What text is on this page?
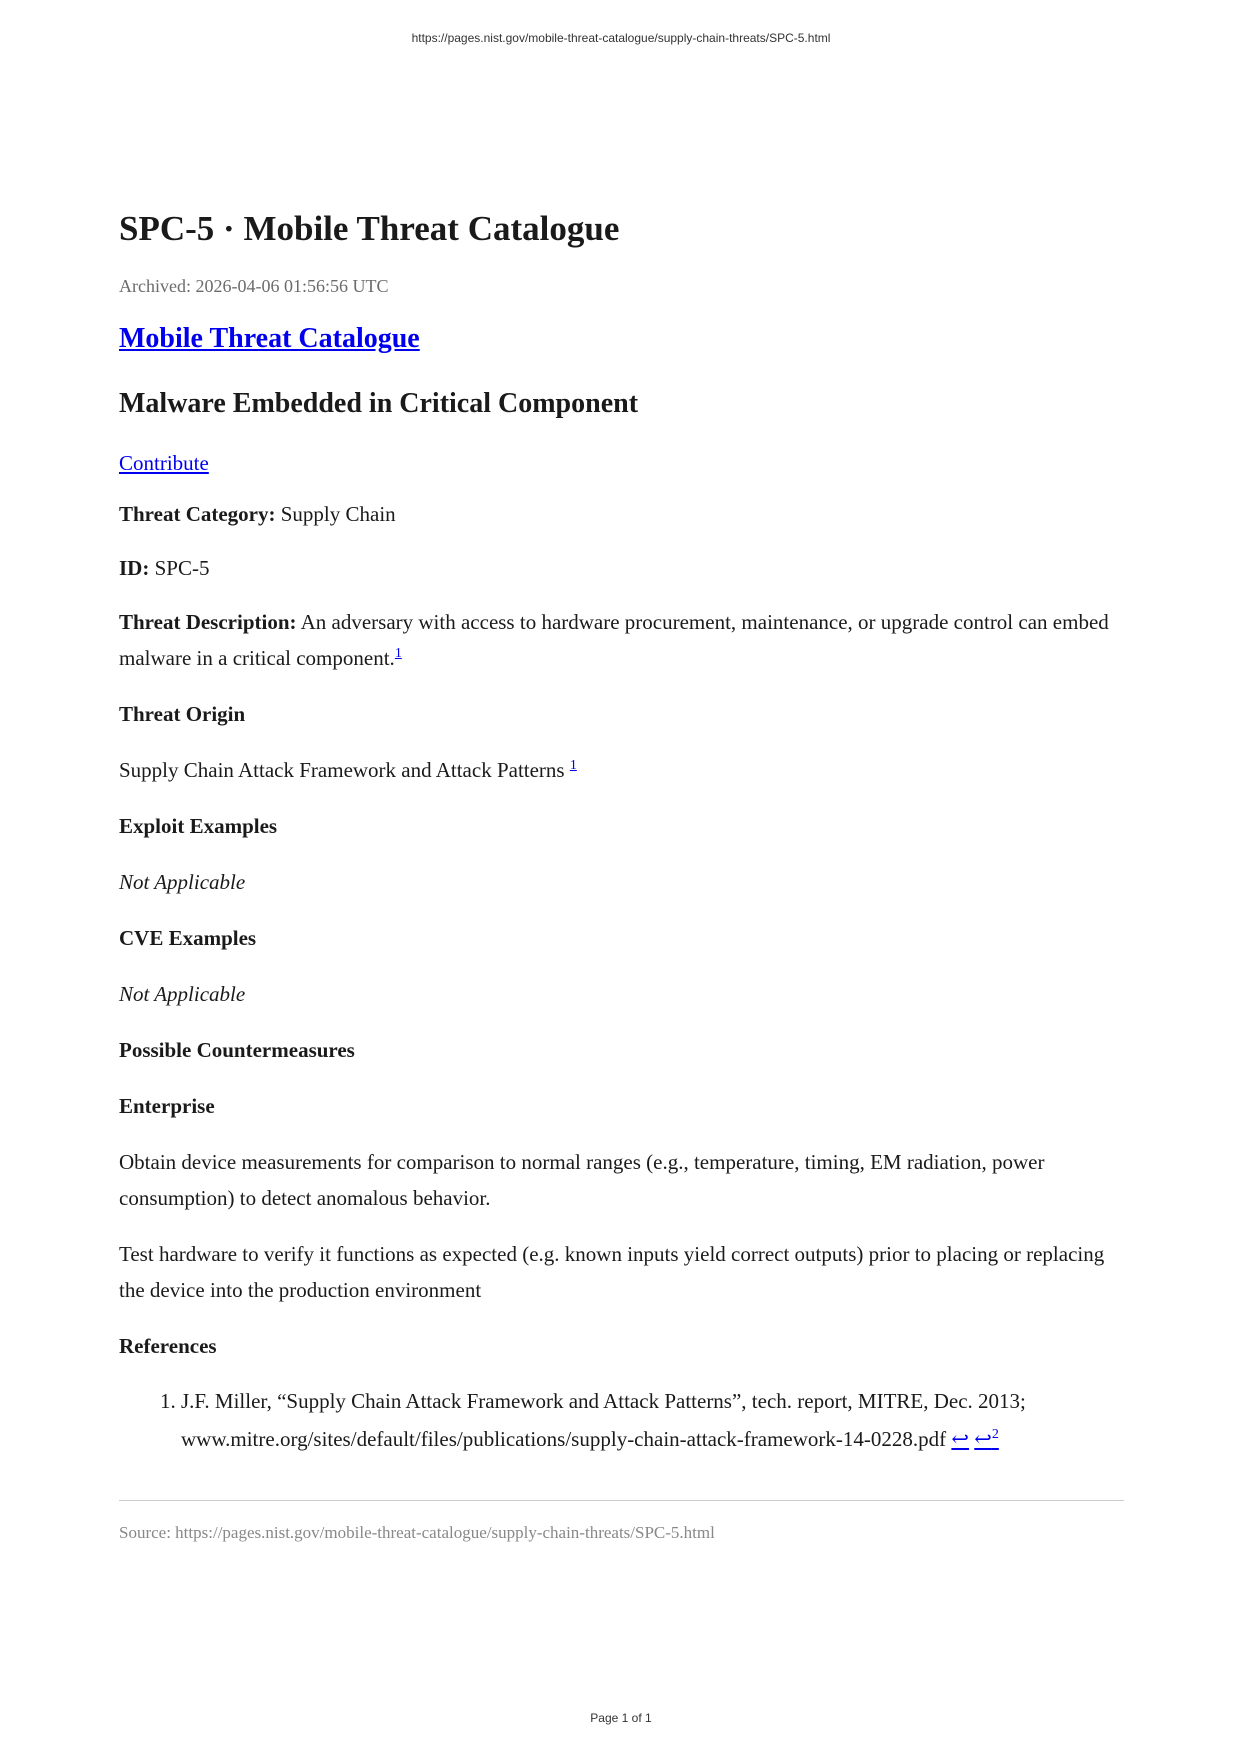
https://pages.nist.gov/mobile-threat-catalogue/supply-chain-threats/SPC-5.html
SPC-5 · Mobile Threat Catalogue
Archived: 2026-04-06 01:56:56 UTC
Mobile Threat Catalogue
Malware Embedded in Critical Component
Contribute

Threat Category: Supply Chain

ID: SPC-5

Threat Description: An adversary with access to hardware procurement, maintenance, or upgrade control can embed malware in a critical component.$^1$

Threat Origin

Supply Chain Attack Framework and Attack Patterns $^1$

Exploit Examples

Not Applicable

CVE Examples

Not Applicable

Possible Countermeasures

Enterprise

Obtain device measurements for comparison to normal ranges (e.g., temperature, timing, EM radiation, power consumption) to detect anomalous behavior.

Test hardware to verify it functions as expected (e.g. known inputs yield correct outputs) prior to placing or replacing the device into the production environment

References

1. J.F. Miller, “Supply Chain Attack Framework and Attack Patterns”, tech. report, MITRE, Dec. 2013; www.mitre.org/sites/default/files/publications/supply-chain-attack-framework-14-0228.pdf ↩ ↩$^2$
Source: https://pages.nist.gov/mobile-threat-catalogue/supply-chain-threats/SPC-5.html
Page 1 of 1
